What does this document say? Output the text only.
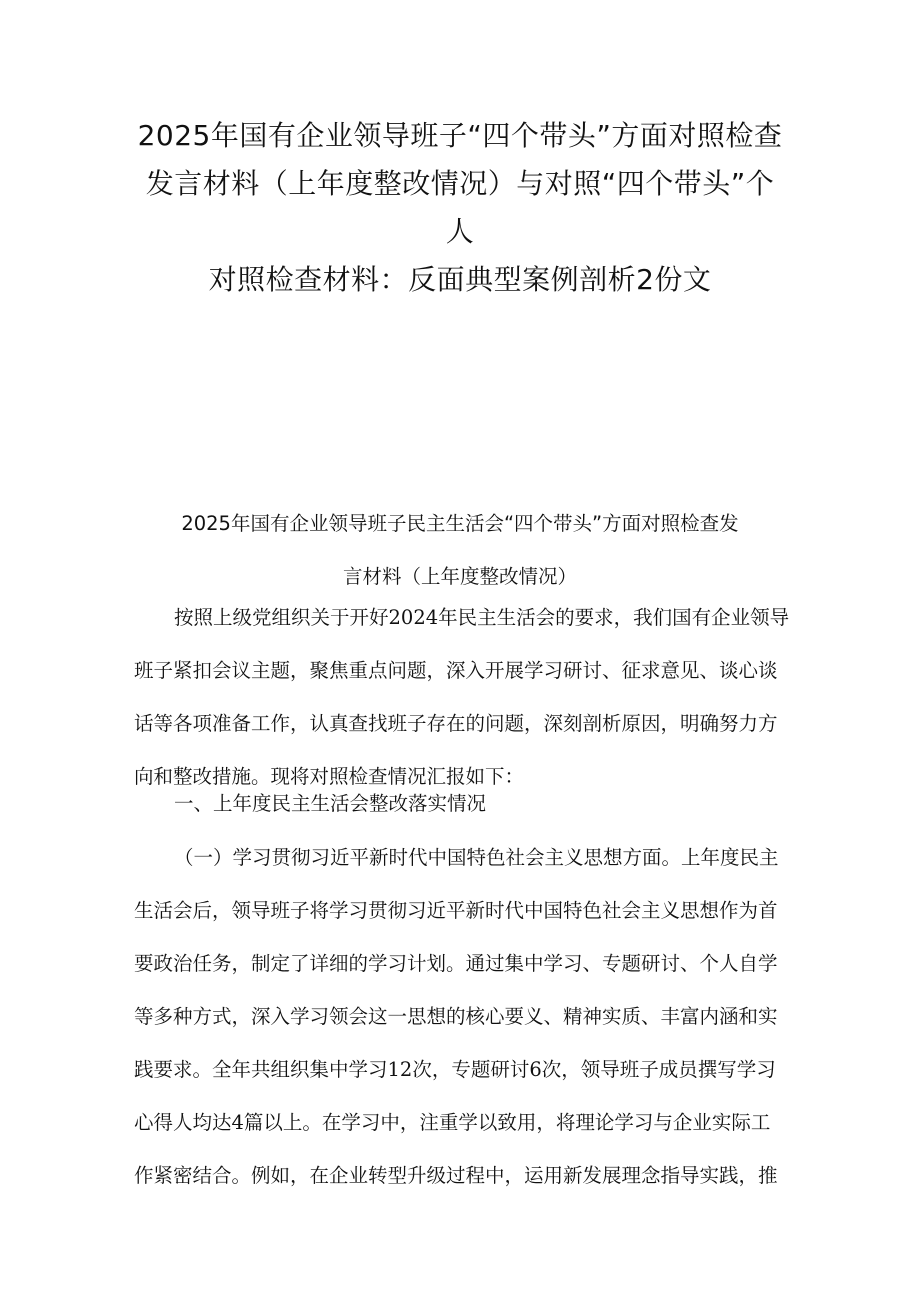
2025年国有企业领导班子“四个带头”方面对照检查
发言材料（上年度整改情况）与对照“四个带头”个
人
对照检查材料：反面典型案例剖析2份文
2025年国有企业领导班子民主生活会“四个带头”方面对照检查发
言材料（上年度整改情况）
按照上级党组织关于开好2024年民主生活会的要求，我们国有企业领导
班子紧扣会议主题，聚焦重点问题，深入开展学习研讨、征求意见、谈心谈
话等各项准备工作，认真查找班子存在的问题，深刻剖析原因，明确努力方
向和整改措施。现将对照检查情况汇报如下：
一、上年度民主生活会整改落实情况
（一）学习贯彻习近平新时代中国特色社会主义思想方面。上年度民主
生活会后，领导班子将学习贯彻习近平新时代中国特色社会主义思想作为首
要政治任务，制定了详细的学习计划。通过集中学习、专题研讨、个人自学
等多种方式，深入学习领会这一思想的核心要义、精神实质、丰富内涵和实
践要求。全年共组织集中学习12次，专题研讨6次，领导班子成员撰写学习
心得人均达4篇以上。在学习中，注重学以致用，将理论学习与企业实际工
作紧密结合。例如，在企业转型升级过程中，运用新发展理念指导实践，推
